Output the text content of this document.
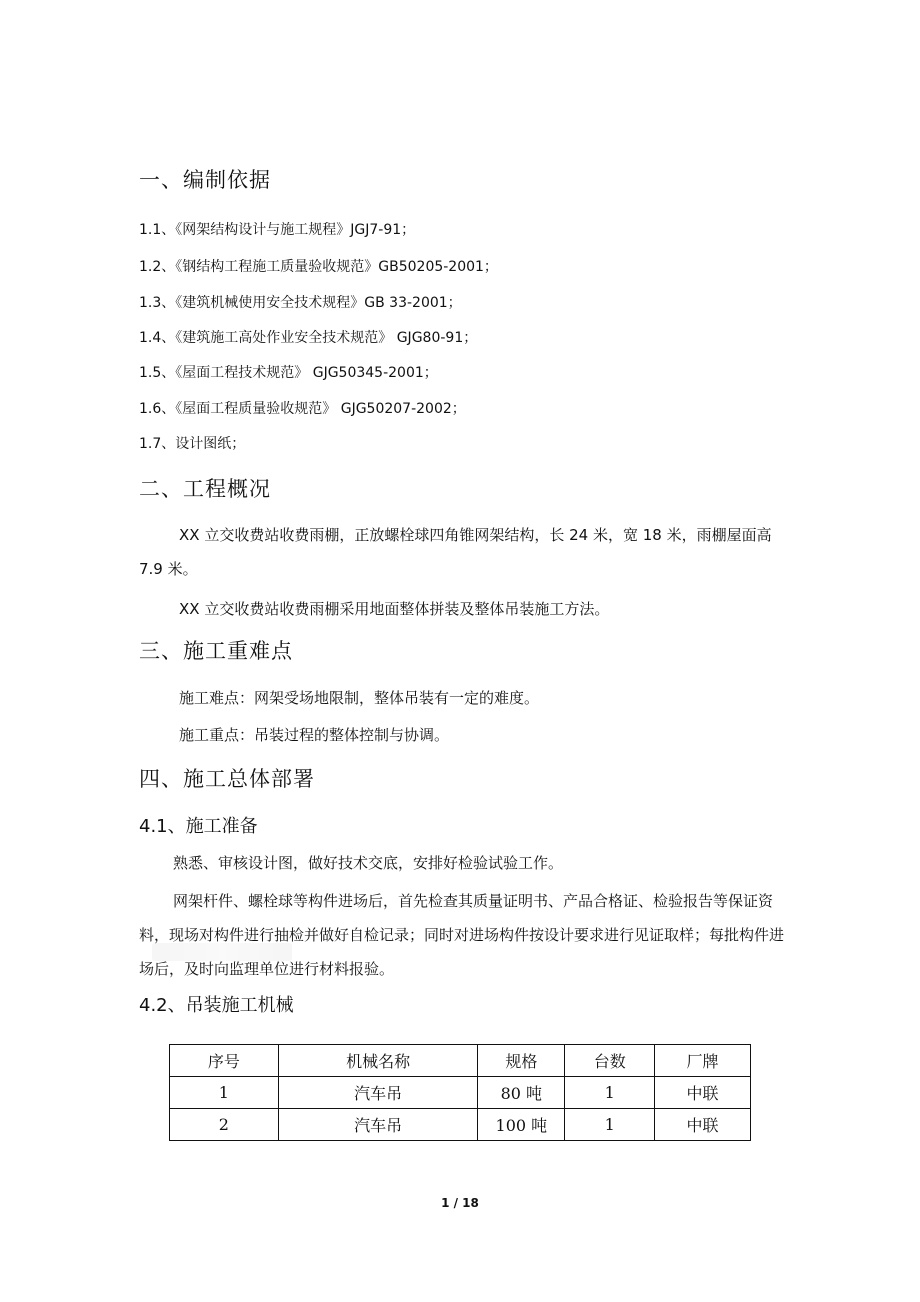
一、编制依据
1.1、《网架结构设计与施工规程》JGJ7-91；
1.2、《钢结构工程施工质量验收规范》GB50205-2001；
1.3、《建筑机械使用安全技术规程》GB 33-2001；
1.4、《建筑施工高处作业安全技术规范》 GJG80-91；
1.5、《屋面工程技术规范》 GJG50345-2001；
1.6、《屋面工程质量验收规范》 GJG50207-2002；
1.7、设计图纸；
二、工程概况
XX 立交收费站收费雨棚，正放螺栓球四角锥网架结构，长 24 米，宽 18 米，雨棚屋面高 7.9 米。
XX 立交收费站收费雨棚采用地面整体拼装及整体吊装施工方法。
三、施工重难点
施工难点：网架受场地限制，整体吊装有一定的难度。
施工重点：吊装过程的整体控制与协调。
四、施工总体部署
4.1、施工准备
熟悉、审核设计图，做好技术交底，安排好检验试验工作。
网架杆件、螺栓球等构件进场后，首先检查其质量证明书、产品合格证、检验报告等保证资料，现场对构件进行抽检并做好自检记录；同时对进场构件按设计要求进行见证取样；每批构件进场后，及时向监理单位进行材料报验。
4.2、吊装施工机械
序号	机械名称	规格	台数	厂牌
1	汽车吊	80 吨	1	中联
2	汽车吊	100 吨	1	中联
1 / 18
